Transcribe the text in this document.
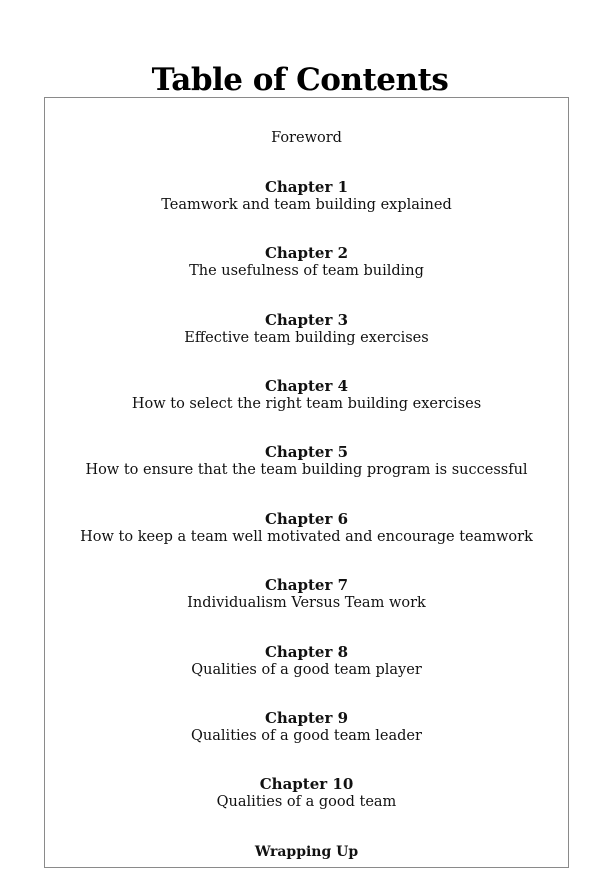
Table of Contents
Foreword
Chapter 1
Teamwork and team building explained
Chapter 2
The usefulness of team building
Chapter 3
Effective team building exercises
Chapter 4
How to select the right team building exercises
Chapter 5
How to ensure that the team building program is successful
Chapter 6
How to keep a team well motivated and encourage teamwork
Chapter 7
Individualism Versus Team work
Chapter 8
Qualities of a good team player
Chapter 9
Qualities of a good team leader
Chapter 10
Qualities of a good team
Wrapping Up
